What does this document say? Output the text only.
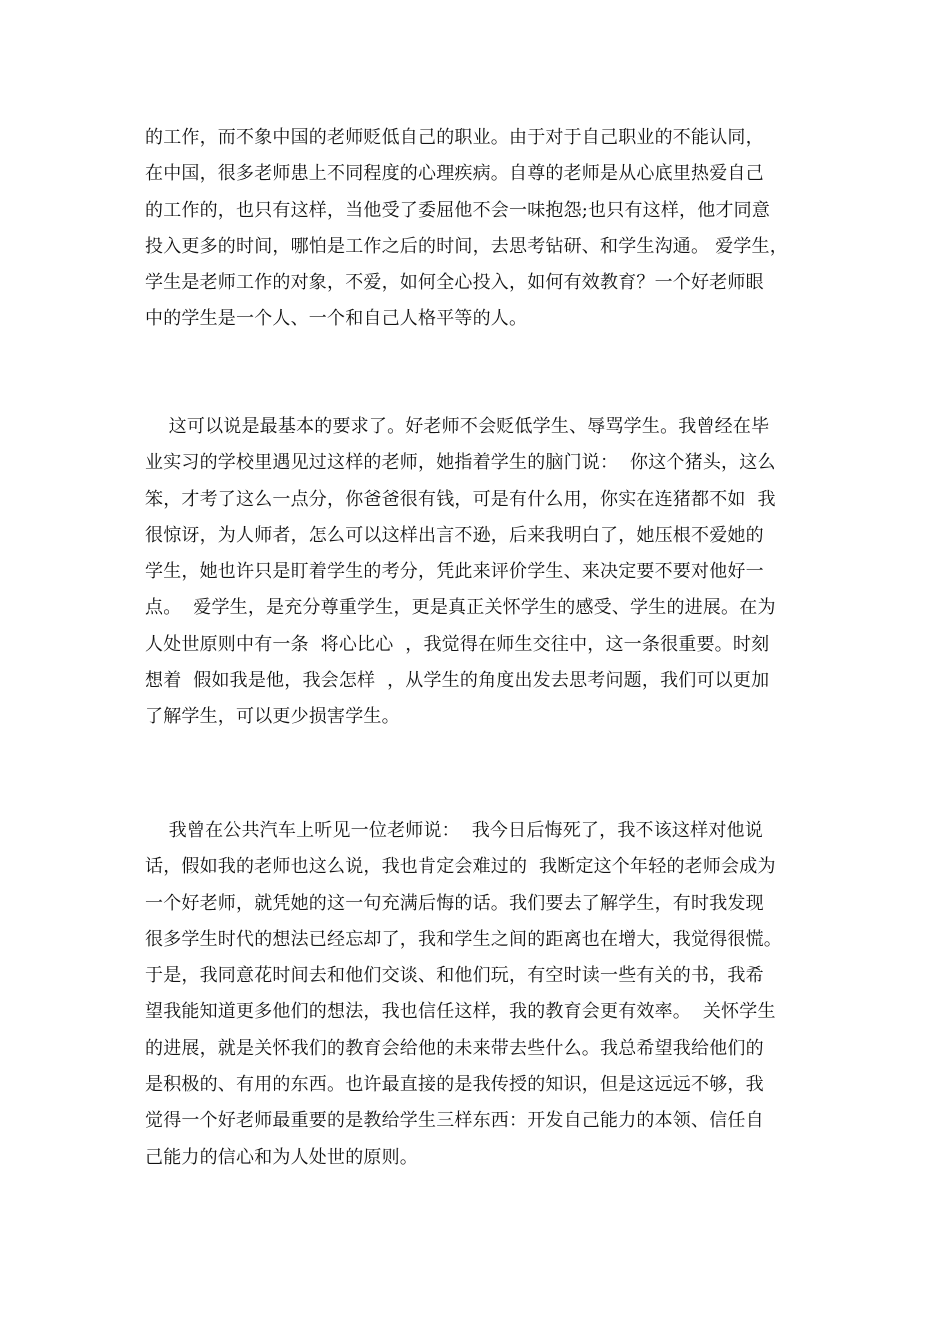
的工作，而不象中国的老师贬低自己的职业。由于对于自己职业的不能认同，
在中国，很多老师患上不同程度的心理疾病。自尊的老师是从心底里热爱自己
的工作的，也只有这样，当他受了委屈他不会一味抱怨;也只有这样，他才同意
投入更多的时间，哪怕是工作之后的时间，去思考钻研、和学生沟通。 爱学生，
学生是老师工作的对象，不爱，如何全心投入，如何有效教育？一个好老师眼
中的学生是一个人、一个和自己人格平等的人。
这可以说是最基本的要求了。好老师不会贬低学生、辱骂学生。我曾经在毕
业实习的学校里遇见过这样的老师，她指着学生的脑门说：  你这个猪头，这么
笨，才考了这么一点分，你爸爸很有钱，可是有什么用，你实在连猪都不如  我
很惊讶，为人师者，怎么可以这样出言不逊，后来我明白了，她压根不爱她的
学生，她也许只是盯着学生的考分，凭此来评价学生、来决定要不要对他好一
点。  爱学生，是充分尊重学生，更是真正关怀学生的感受、学生的进展。在为
人处世原则中有一条  将心比心  ，我觉得在师生交往中，这一条很重要。时刻
想着  假如我是他，我会怎样  ，从学生的角度出发去思考问题，我们可以更加
了解学生，可以更少损害学生。
我曾在公共汽车上听见一位老师说：  我今日后悔死了，我不该这样对他说
话，假如我的老师也这么说，我也肯定会难过的  我断定这个年轻的老师会成为
一个好老师，就凭她的这一句充满后悔的话。我们要去了解学生，有时我发现
很多学生时代的想法已经忘却了，我和学生之间的距离也在增大，我觉得很慌。
于是，我同意花时间去和他们交谈、和他们玩，有空时读一些有关的书，我希
望我能知道更多他们的想法，我也信任这样，我的教育会更有效率。  关怀学生
的进展，就是关怀我们的教育会给他的未来带去些什么。我总希望我给他们的
是积极的、有用的东西。也许最直接的是我传授的知识，但是这远远不够，我
觉得一个好老师最重要的是教给学生三样东西：开发自己能力的本领、信任自
己能力的信心和为人处世的原则。
